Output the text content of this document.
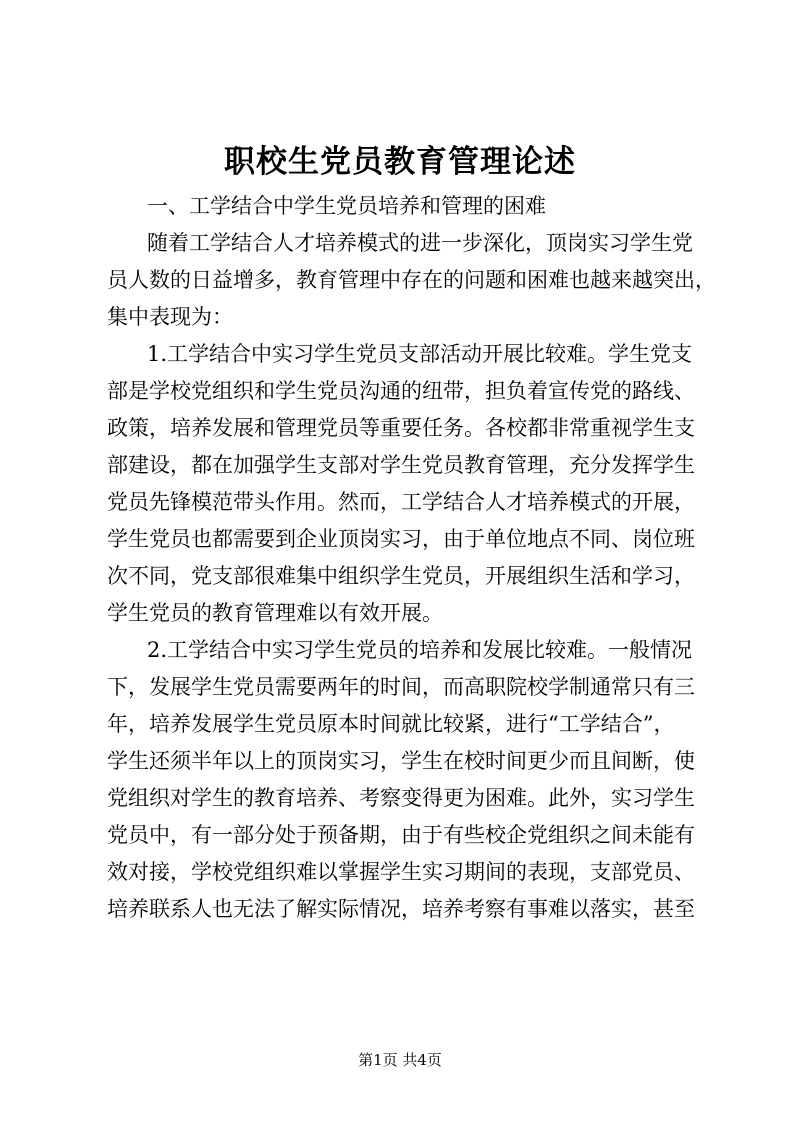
职校生党员教育管理论述

一、工学结合中学生党员培养和管理的困难

随着工学结合人才培养模式的进一步深化，顶岗实习学生党
员人数的日益增多，教育管理中存在的问题和困难也越来越突出，
集中表现为：

1.工学结合中实习学生党员支部活动开展比较难。学生党支
部是学校党组织和学生党员沟通的纽带，担负着宣传党的路线、
政策，培养发展和管理党员等重要任务。各校都非常重视学生支
部建设，都在加强学生支部对学生党员教育管理，充分发挥学生
党员先锋模范带头作用。然而，工学结合人才培养模式的开展，
学生党员也都需要到企业顶岗实习，由于单位地点不同、岗位班
次不同，党支部很难集中组织学生党员，开展组织生活和学习，
学生党员的教育管理难以有效开展。

2.工学结合中实习学生党员的培养和发展比较难。一般情况
下，发展学生党员需要两年的时间，而高职院校学制通常只有三
年，培养发展学生党员原本时间就比较紧，进行“工学结合”，
学生还须半年以上的顶岗实习，学生在校时间更少而且间断，使
党组织对学生的教育培养、考察变得更为困难。此外，实习学生
党员中，有一部分处于预备期，由于有些校企党组织之间未能有
效对接，学校党组织难以掌握学生实习期间的表现，支部党员、
培养联系人也无法了解实际情况，培养考察有事难以落实，甚至

第1页 共4页
